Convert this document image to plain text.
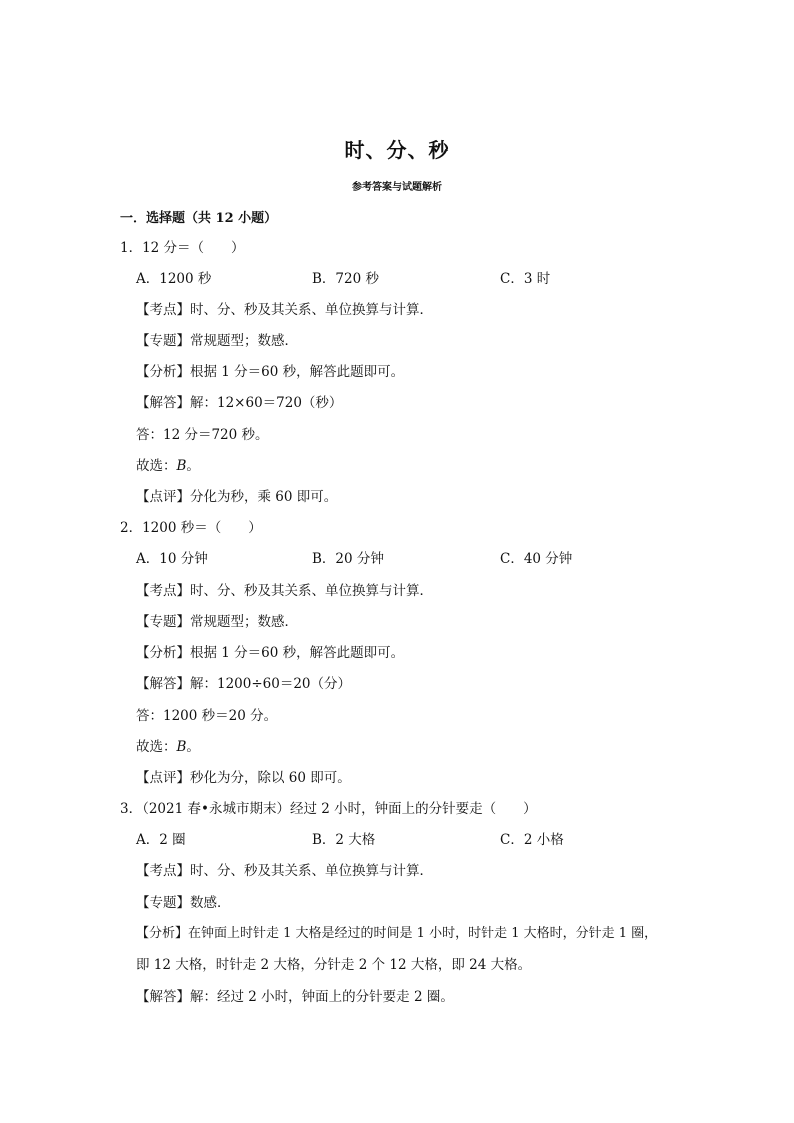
时、分、秒
参考答案与试题解析
一．选择题（共 12 小题）
1．12 分＝（　　）
A．1200 秒	B．720 秒	C．3 时
【考点】时、分、秒及其关系、单位换算与计算．
【专题】常规题型；数感．
【分析】根据 1 分＝60 秒，解答此题即可。
【解答】解：12×60＝720（秒）
答：12 分＝720 秒。
故选：B。
【点评】分化为秒，乘 60 即可。
2．1200 秒＝（　　）
A．10 分钟	B．20 分钟	C．40 分钟
【考点】时、分、秒及其关系、单位换算与计算．
【专题】常规题型；数感．
【分析】根据 1 分＝60 秒，解答此题即可。
【解答】解：1200÷60＝20（分）
答：1200 秒＝20 分。
故选：B。
【点评】秒化为分，除以 60 即可。
3．（2021 春•永城市期末）经过 2 小时，钟面上的分针要走（　　）
A．2 圈	B．2 大格	C．2 小格
【考点】时、分、秒及其关系、单位换算与计算．
【专题】数感．
【分析】在钟面上时针走 1 大格是经过的时间是 1 小时，时针走 1 大格时，分针走 1 圈，
即 12 大格，时针走 2 大格，分针走 2 个 12 大格，即 24 大格。
【解答】解：经过 2 小时，钟面上的分针要走 2 圈。
